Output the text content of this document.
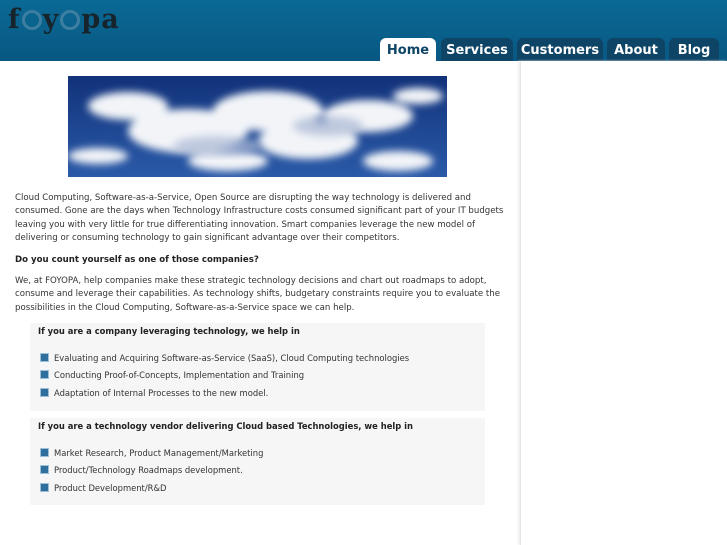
f y pa
Home	Services	Customers	About	Blog

Cloud Computing, Software-as-a-Service, Open Source are disrupting the way technology is delivered and consumed. Gone are the days when Technology Infrastructure costs consumed significant part of your IT budgets leaving you with very little for true differentiating innovation. Smart companies leverage the new model of delivering or consuming technology to gain significant advantage over their competitors.

Do you count yourself as one of those companies?

We, at FOYOPA, help companies make these strategic technology decisions and chart out roadmaps to adopt, consume and leverage their capabilities. As technology shifts, budgetary constraints require you to evaluate the possibilities in the Cloud Computing, Software-as-a-Service space we can help.

If you are a company leveraging technology, we help in
Evaluating and Acquiring Software-as-Service (SaaS), Cloud Computing technologies
Conducting Proof-of-Concepts, Implementation and Training
Adaptation of Internal Processes to the new model.
If you are a technology vendor delivering Cloud based Technologies, we help in
Market Research, Product Management/Marketing
Product/Technology Roadmaps development.
Product Development/R&D
